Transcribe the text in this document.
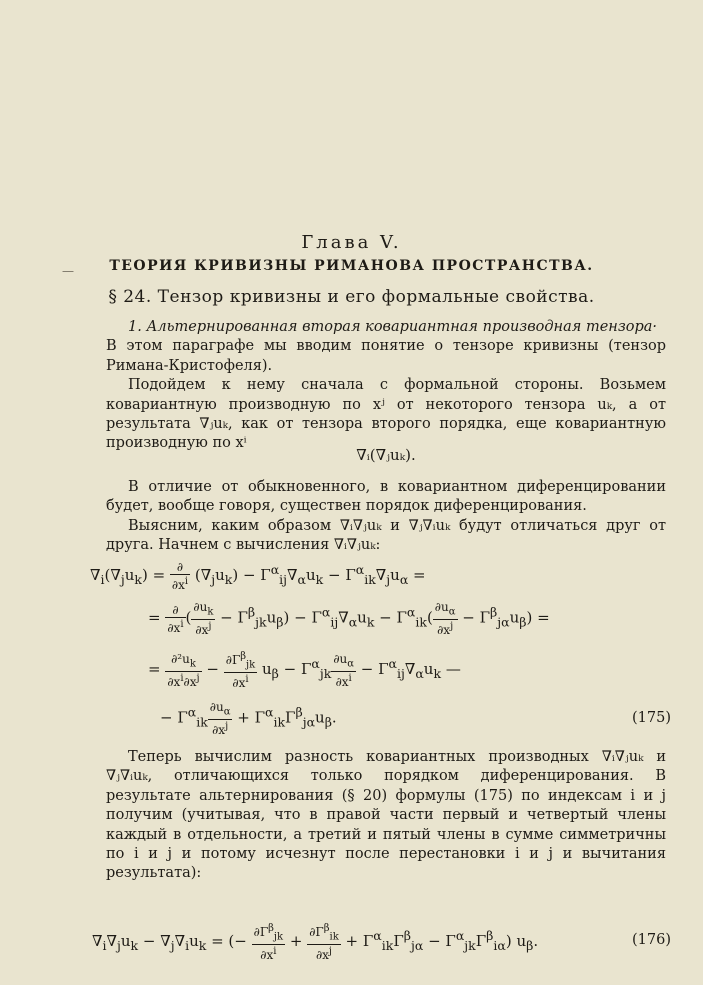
Глава V.
—	ТЕОРИЯ КРИВИЗНЫ РИМАНОВА ПРОСТРАНСТВА.
§ 24. Тензор кривизны и его формальные свойства.

1. Альтернированная вторая ковариантная производная тензора·
В этом параграфе мы вводим понятие о тензоре кривизны (тензор Римана-Кристофеля).

Подойдем к нему сначала с формальной стороны. Возьмем ковариантную производную по xʲ от некоторого тензора uₖ, а от результата ∇ⱼuₖ, как от тензора второго порядка, еще ковариантную производную по xⁱ

∇ᵢ(∇ⱼuₖ).

В отличие от обыкновенного, в ковариантном диференцировании будет, вообще говоря, существен порядок диференцирования.

Выясним, каким образом ∇ᵢ∇ⱼuₖ и ∇ⱼ∇ᵢuₖ будут отличаться друг от друга. Начнем с вычисления ∇ᵢ∇ⱼuₖ:

$\nabla_i(\nabla_ju_k) = \frac{\partial}{\partial x^i} (\nabla_ju_k) - \Gamma^\alpha_{ij}\nabla_\alpha u_k - \Gamma^\alpha_{ik}\nabla_ju_\alpha$ =
= $\frac{\partial}{\partial x^i}$ ( $\frac{\partial u_k}{\partial x^j} - \Gamma^\beta_{jk}u_\beta) - \Gamma^\alpha_{ij}\nabla_\alpha u_k - \Gamma^\alpha_{ik}( \frac{\partial u_\alpha}{\partial x^j} - \Gamma^\beta_{j\alpha}u_\beta)$ =
= $\frac{\partial^2u_k}{\partial x^i\partial x^j} - \frac{\partial\Gamma^\beta_{jk}}{\partial x^i} u_\beta - \Gamma^\alpha_{jk} \frac{\partial u_\alpha}{\partial x^i} - \Gamma^\alpha_{ij}\nabla_\alpha u_k$ —
− $\Gamma^\alpha_{ik} \frac{\partial u_\alpha}{\partial x^j} + \Gamma^\alpha_{ik}\Gamma^\beta_{j\alpha}u_\beta$.	(175)

Теперь вычислим разность ковариантных производных ∇ᵢ∇ⱼuₖ и ∇ⱼ∇ᵢuₖ, отличающихся только порядком диференцирования. В результате альтернирования (§ 20) формулы (175) по индексам i и j получим (учитывая, что в правой части первый и четвертый члены каждый в отдельности, а третий и пятый члены в сумме симметричны по i и j и потому исчезнут после перестановки i и j и вычитания результата):

$\nabla_i\nabla_ju_k - \nabla_j\nabla_iu_k$ = (− $\frac{\partial\Gamma^\beta_{jk}}{\partial x^i} + \frac{\partial\Gamma^\beta_{ik}}{\partial x^j} + \Gamma^\alpha_{ik}\Gamma^\beta_{j\alpha} - \Gamma^\alpha_{jk}\Gamma^\beta_{i\alpha}$) $u_\beta$.	(176)
